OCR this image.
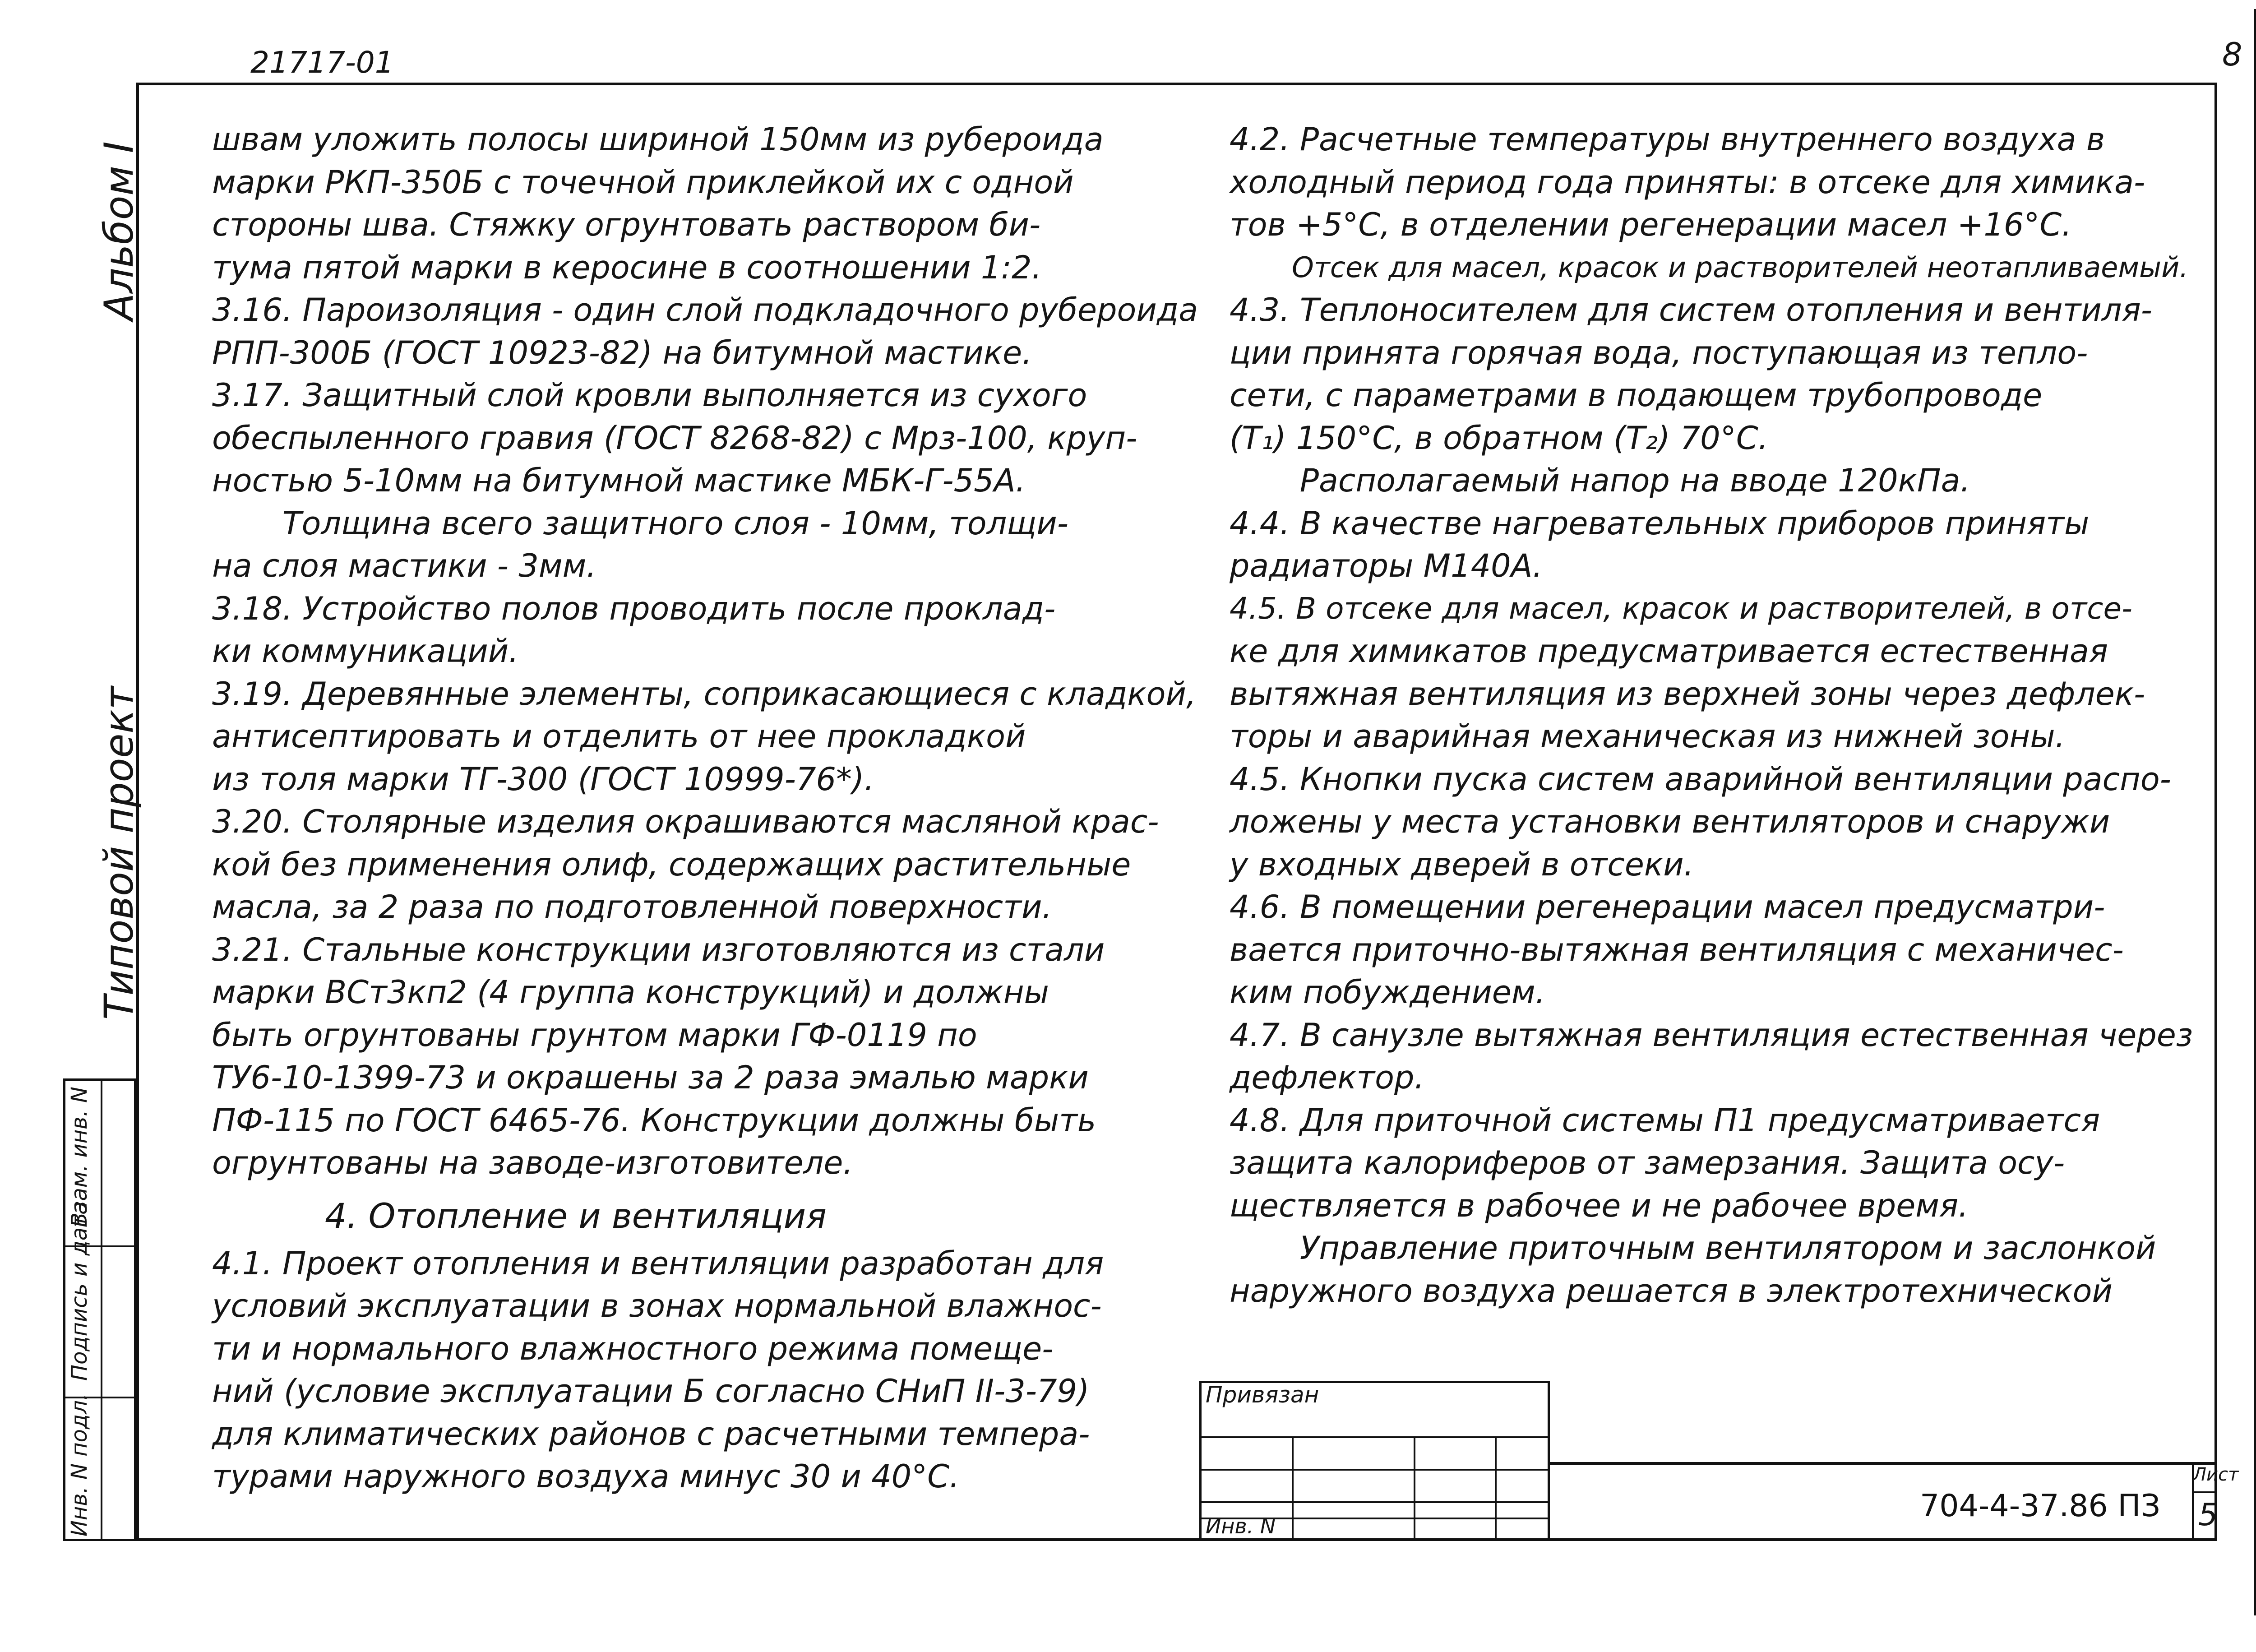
21717-01	8
Альбом I
Типовой проект
Инв. N подл.
Подпись и дата
Взам. инв. N
швам уложить полосы шириной 150мм из рубероида
марки РКП-350Б с точечной приклейкой их с одной
стороны шва. Стяжку огрунтовать раствором би-
тума пятой марки в керосине в соотношении 1:2.
3.16. Пароизоляция - один слой подкладочного рубероида
РПП-300Б (ГОСТ 10923-82) на битумной мастике.
3.17. Защитный слой кровли выполняется из сухого
обеспыленного гравия (ГОСТ 8268-82) с Мрз-100, круп-
ностью 5-10мм на битумной мастике МБК-Г-55А.
Толщина всего защитного слоя - 10мм, толщи-
на слоя мастики - 3мм.
3.18. Устройство полов проводить после проклад-
ки коммуникаций.
3.19. Деревянные элементы, соприкасающиеся с кладкой,
антисептировать и отделить от нее прокладкой
из толя марки ТГ-300 (ГОСТ 10999-76*).
3.20. Столярные изделия окрашиваются масляной крас-
кой без применения олиф, содержащих растительные
масла, за 2 раза по подготовленной поверхности.
3.21. Стальные конструкции изготовляются из стали
марки ВСт3кп2 (4 группа конструкций) и должны
быть огрунтованы грунтом марки ГФ-0119 по
ТУ6-10-1399-73 и окрашены за 2 раза эмалью марки
ПФ-115 по ГОСТ 6465-76. Конструкции должны быть
огрунтованы на заводе-изготовителе.
4. Отопление и вентиляция
4.1. Проект отопления и вентиляции разработан для
условий эксплуатации в зонах нормальной влажнос-
ти и нормального влажностного режима помеще-
ний (условие эксплуатации Б согласно СНиП II-3-79)
для климатических районов с расчетными темпера-
турами наружного воздуха минус 30 и 40°С.
4.2. Расчетные температуры внутреннего воздуха в
холодный период года приняты: в отсеке для химика-
тов +5°С, в отделении регенерации масел +16°С.
Отсек для масел, красок и растворителей неотапливаемый.
4.3. Теплоносителем для систем отопления и вентиля-
ции принята горячая вода, поступающая из тепло-
сети, с параметрами в подающем трубопроводе
(Т₁) 150°С, в обратном (Т₂) 70°С.
Располагаемый напор на вводе 120кПа.
4.4. В качестве нагревательных приборов приняты
радиаторы М140А.
4.5. В отсеке для масел, красок и растворителей, в отсе-
ке для химикатов предусматривается естественная
вытяжная вентиляция из верхней зоны через дефлек-
торы и аварийная механическая из нижней зоны.
4.5. Кнопки пуска систем аварийной вентиляции распо-
ложены у места установки вентиляторов и снаружи
у входных дверей в отсеки.
4.6. В помещении регенерации масел предусматри-
вается приточно-вытяжная вентиляция с механичес-
ким побуждением.
4.7. В санузле вытяжная вентиляция естественная через
дефлектор.
4.8. Для приточной системы П1 предусматривается
защита калориферов от замерзания. Защита осу-
ществляется в рабочее и не рабочее время.
Управление приточным вентилятором и заслонкой
наружного воздуха решается в электротехнической
Привязан
Инв. N
704-4-37.86 ПЗ
Лист
5
